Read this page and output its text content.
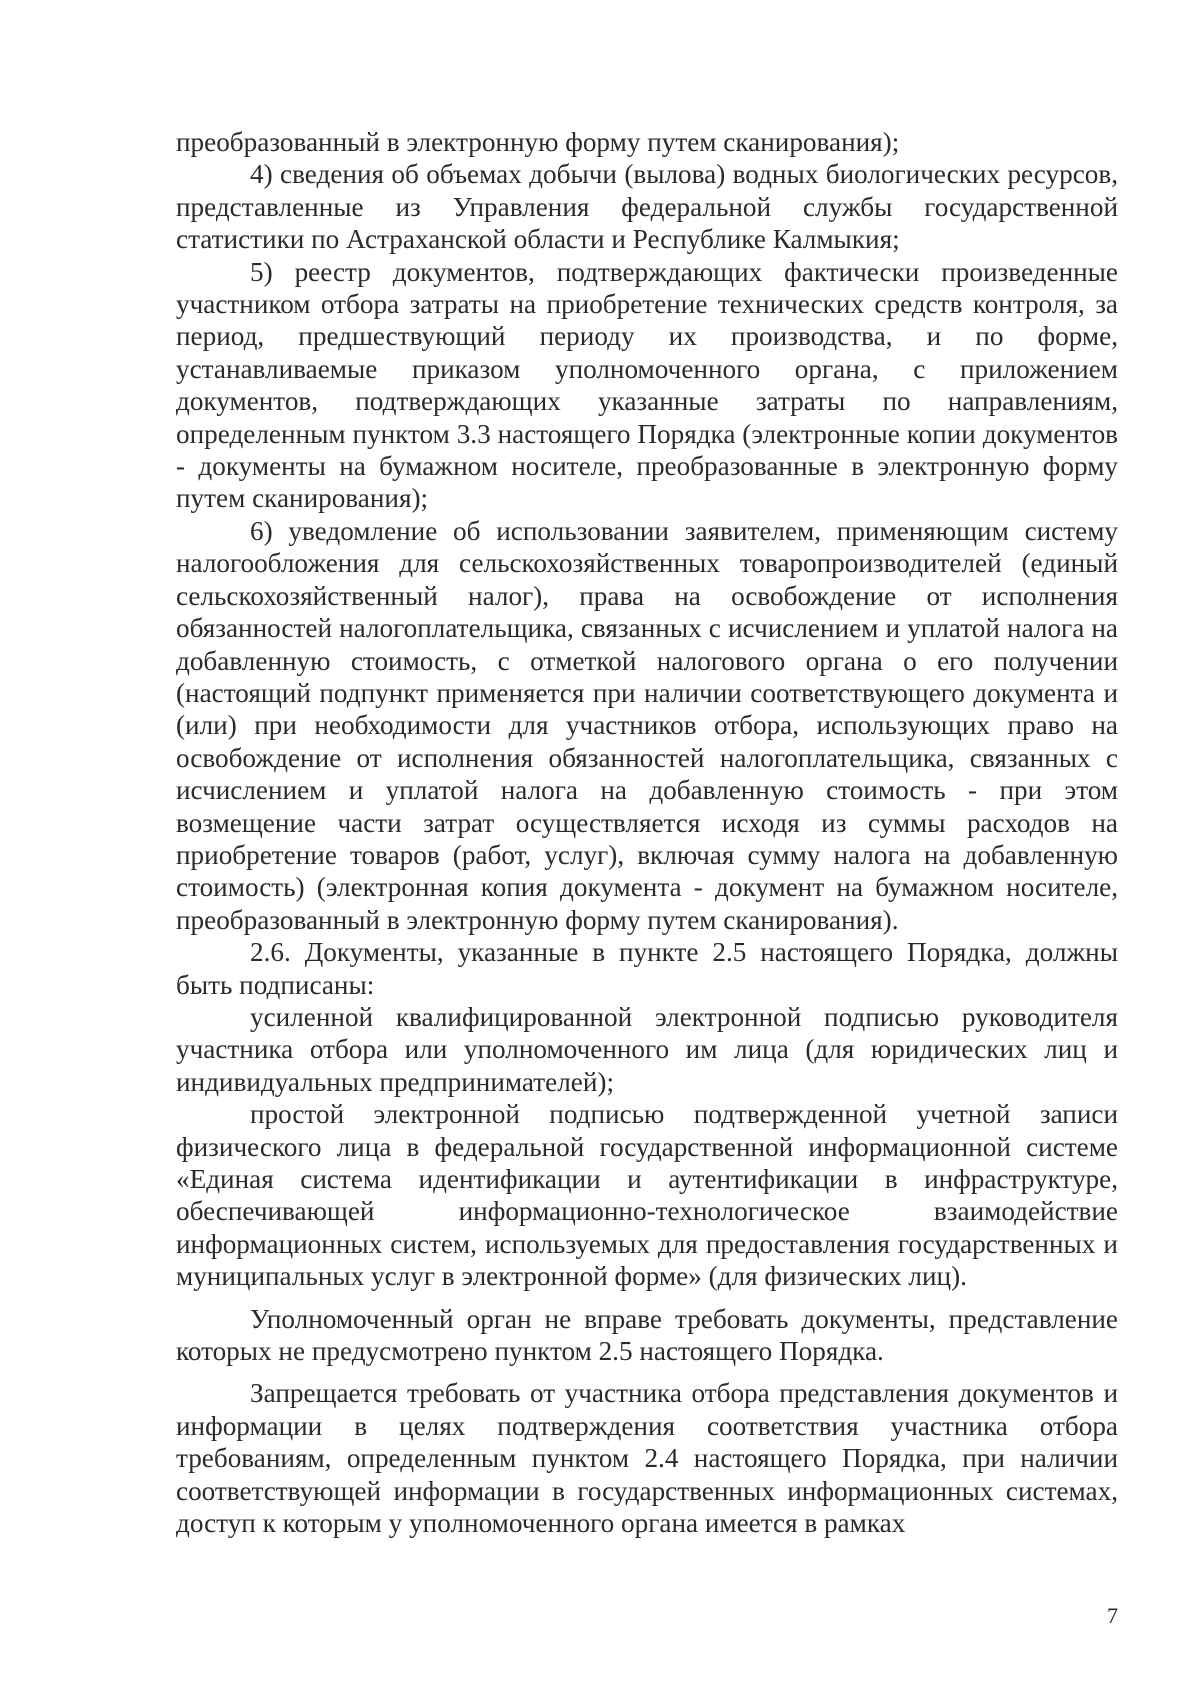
преобразованный в электронную форму путем сканирования);

4) сведения об объемах добычи (вылова) водных биологических ресурсов, представленные из Управления федеральной службы государственной статистики по Астраханской области и Республике Калмыкия;

5) реестр документов, подтверждающих фактически произведенные участником отбора затраты на приобретение технических средств контроля, за период, предшествующий периоду их производства, и по форме, устанавливаемые приказом уполномоченного органа, с приложением документов, подтверждающих указанные затраты по направлениям, определенным пунктом 3.3 настоящего Порядка (электронные копии документов - документы на бумажном носителе, преобразованные в электронную форму путем сканирования);

6) уведомление об использовании заявителем, применяющим систему налогообложения для сельскохозяйственных товаропроизводителей (единый сельскохозяйственный налог), права на освобождение от исполнения обязанностей налогоплательщика, связанных с исчислением и уплатой налога на добавленную стоимость, с отметкой налогового органа о его получении (настоящий подпункт применяется при наличии соответствующего документа и (или) при необходимости для участников отбора, использующих право на освобождение от исполнения обязанностей налогоплательщика, связанных с исчислением и уплатой налога на добавленную стоимость - при этом возмещение части затрат осуществляется исходя из суммы расходов на приобретение товаров (работ, услуг), включая сумму налога на добавленную стоимость) (электронная копия документа - документ на бумажном носителе, преобразованный в электронную форму путем сканирования).

2.6. Документы, указанные в пункте 2.5 настоящего Порядка, должны быть подписаны:

усиленной квалифицированной электронной подписью руководителя участника отбора или уполномоченного им лица (для юридических лиц и индивидуальных предпринимателей);

простой электронной подписью подтвержденной учетной записи физического лица в федеральной государственной информационной системе «Единая система идентификации и аутентификации в инфраструктуре, обеспечивающей информационно-технологическое взаимодействие информационных систем, используемых для предоставления государственных и муниципальных услуг в электронной форме» (для физических лиц).

Уполномоченный орган не вправе требовать документы, представление которых не предусмотрено пунктом 2.5 настоящего Порядка.

Запрещается требовать от участника отбора представления документов и информации в целях подтверждения соответствия участника отбора требованиям, определенным пунктом 2.4 настоящего Порядка, при наличии соответствующей информации в государственных информационных системах, доступ к которым у уполномоченного органа имеется в рамках

7
